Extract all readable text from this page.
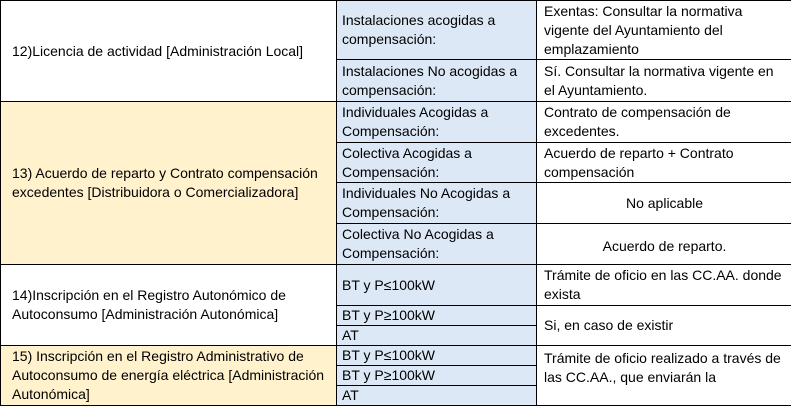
12)Licencia de actividad [Administración Local]	Instalaciones acogidas a compensación:	Exentas: Consultar la normativa vigente del Ayuntamiento del emplazamiento
	Instalaciones No acogidas a compensación:	Sí. Consultar la normativa vigente en el Ayuntamiento.
13) Acuerdo de reparto y Contrato compensación excedentes [Distribuidora o Comercializadora]	Individuales Acogidas a Compensación:	Contrato de compensación de excedentes.
	Colectiva Acogidas a Compensación:	Acuerdo de reparto + Contrato compensación
	Individuales No Acogidas a Compensación:	No aplicable
	Colectiva No Acogidas a Compensación:	Acuerdo de reparto.
14)Inscripción en el Registro Autonómico de Autoconsumo [Administración Autonómica]	BT y P≤100kW	Trámite de oficio en las CC.AA. donde exista
	BT y P≥100kW	Si, en caso de existir
	AT	
15) Inscripción en el Registro Administrativo de Autoconsumo de energía eléctrica [Administración Autonómica]	BT y P≤100kW	Trámite de oficio realizado a través de las CC.AA., que enviarán la
	BT y P≥100kW	
	AT	
